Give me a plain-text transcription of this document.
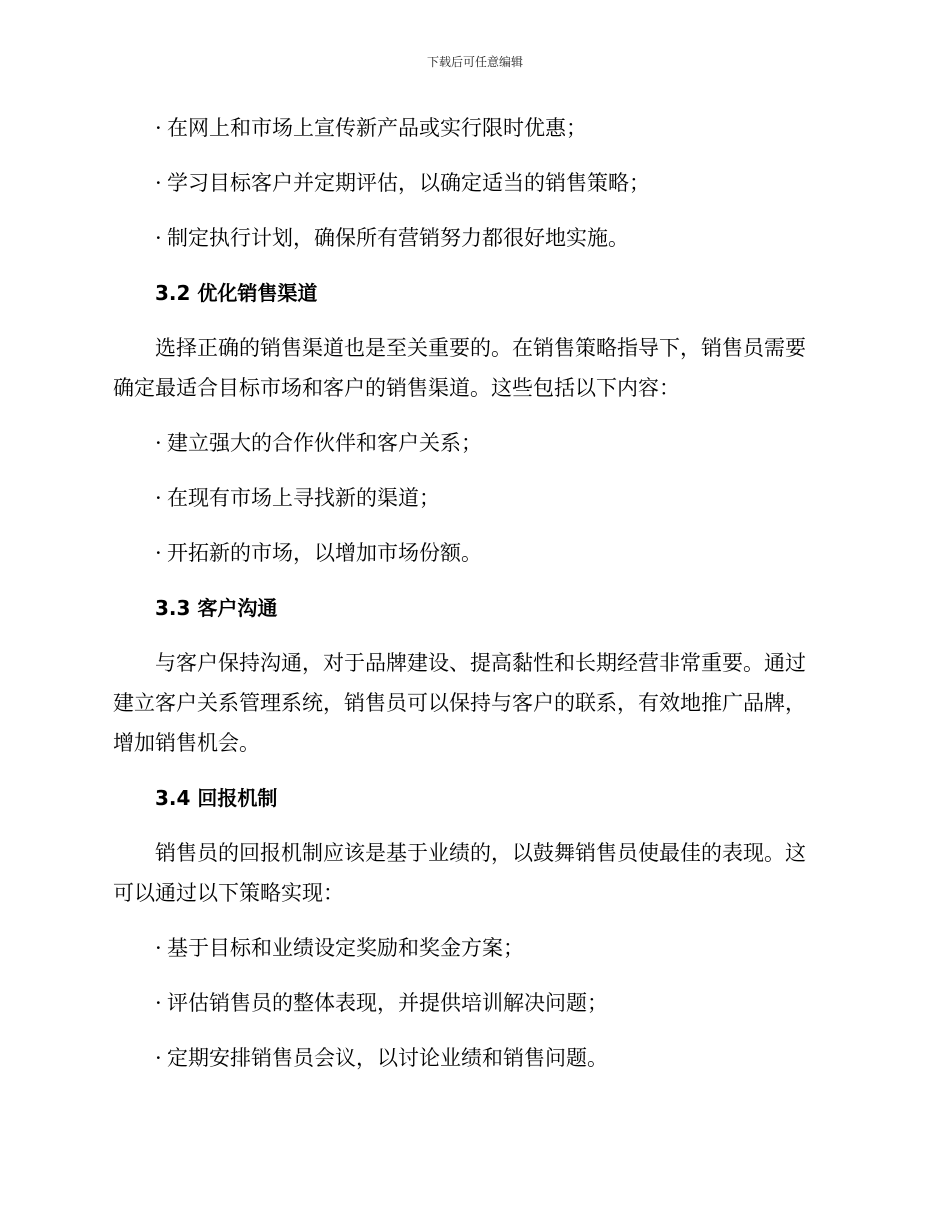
下载后可任意编辑
· 在网上和市场上宣传新产品或实行限时优惠；
· 学习目标客户并定期评估，以确定适当的销售策略；
· 制定执行计划，确保所有营销努力都很好地实施。
3.2 优化销售渠道
选择正确的销售渠道也是至关重要的。在销售策略指导下，销售员需要
确定最适合目标市场和客户的销售渠道。这些包括以下内容：
· 建立强大的合作伙伴和客户关系；
· 在现有市场上寻找新的渠道；
· 开拓新的市场，以增加市场份额。
3.3 客户沟通
与客户保持沟通，对于品牌建设、提高黏性和长期经营非常重要。通过
建立客户关系管理系统，销售员可以保持与客户的联系，有效地推广品牌，
增加销售机会。
3.4 回报机制
销售员的回报机制应该是基于业绩的，以鼓舞销售员使最佳的表现。这
可以通过以下策略实现：
· 基于目标和业绩设定奖励和奖金方案；
· 评估销售员的整体表现，并提供培训解决问题；
· 定期安排销售员会议，以讨论业绩和销售问题。
